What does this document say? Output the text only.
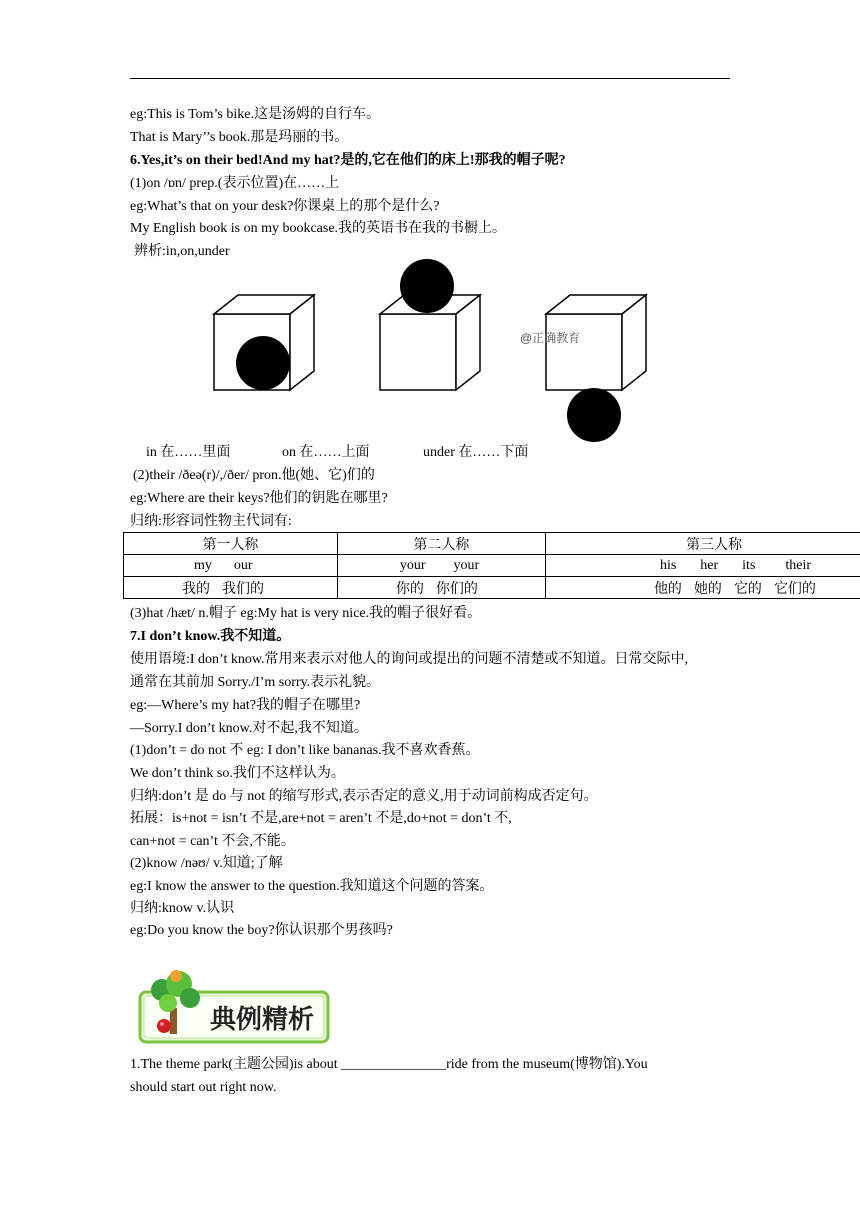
eg:This is Tom’s bike.这是汤姆的自行车。
That is Mary’’s book.那是玛丽的书。
6.Yes,it’s on their bed!And my hat?是的,它在他们的床上!那我的帽子呢?
(1)on /ɒn/ prep.(表示位置)在……上
eg:What’s that on your desk?你课桌上的那个是什么?
My English book is on my bookcase.我的英语书在我的书橱上。
辨析:in,on,under
@正确教育
in 在……里面	on 在……上面	under 在……下面
(2)their /ðeə(r)/,/ðer/ pron.他(她、它)们的
eg:Where are their keys?他们的钥匙在哪里?
归纳:形容词性物主代词有:
第一人称	第二人称	第三人称
my our	your your	his her its their
我的 我们的	你的 你们的	他的 她的 它的 它们的
(3)hat /hæt/ n.帽子 eg:My hat is very nice.我的帽子很好看。
7.I don’t know.我不知道。
使用语境:I don’t know.常用来表示对他人的询问或提出的问题不清楚或不知道。日常交际中,
通常在其前加 Sorry./I’m sorry.表示礼貌。
eg:—Where’s my hat?我的帽子在哪里?
—Sorry.I don’t know.对不起,我不知道。
(1)don’t = do not 不 eg: I don’t like bananas.我不喜欢香蕉。
We don’t think so.我们不这样认为。
归纳:don’t 是 do 与 not 的缩写形式,表示否定的意义,用于动词前构成否定句。
拓展：is+not = isn’t 不是,are+not = aren’t 不是,do+not = don’t 不,
can+not = can’t 不会,不能。
(2)know /nəʊ/ v.知道;了解
eg:I know the answer to the question.我知道这个问题的答案。
归纳:know v.认识
eg:Do you know the boy?你认识那个男孩吗?
典例精析
1.The theme park(主题公园)is about _______________ride from the museum(博物馆).You
should start out right now.
